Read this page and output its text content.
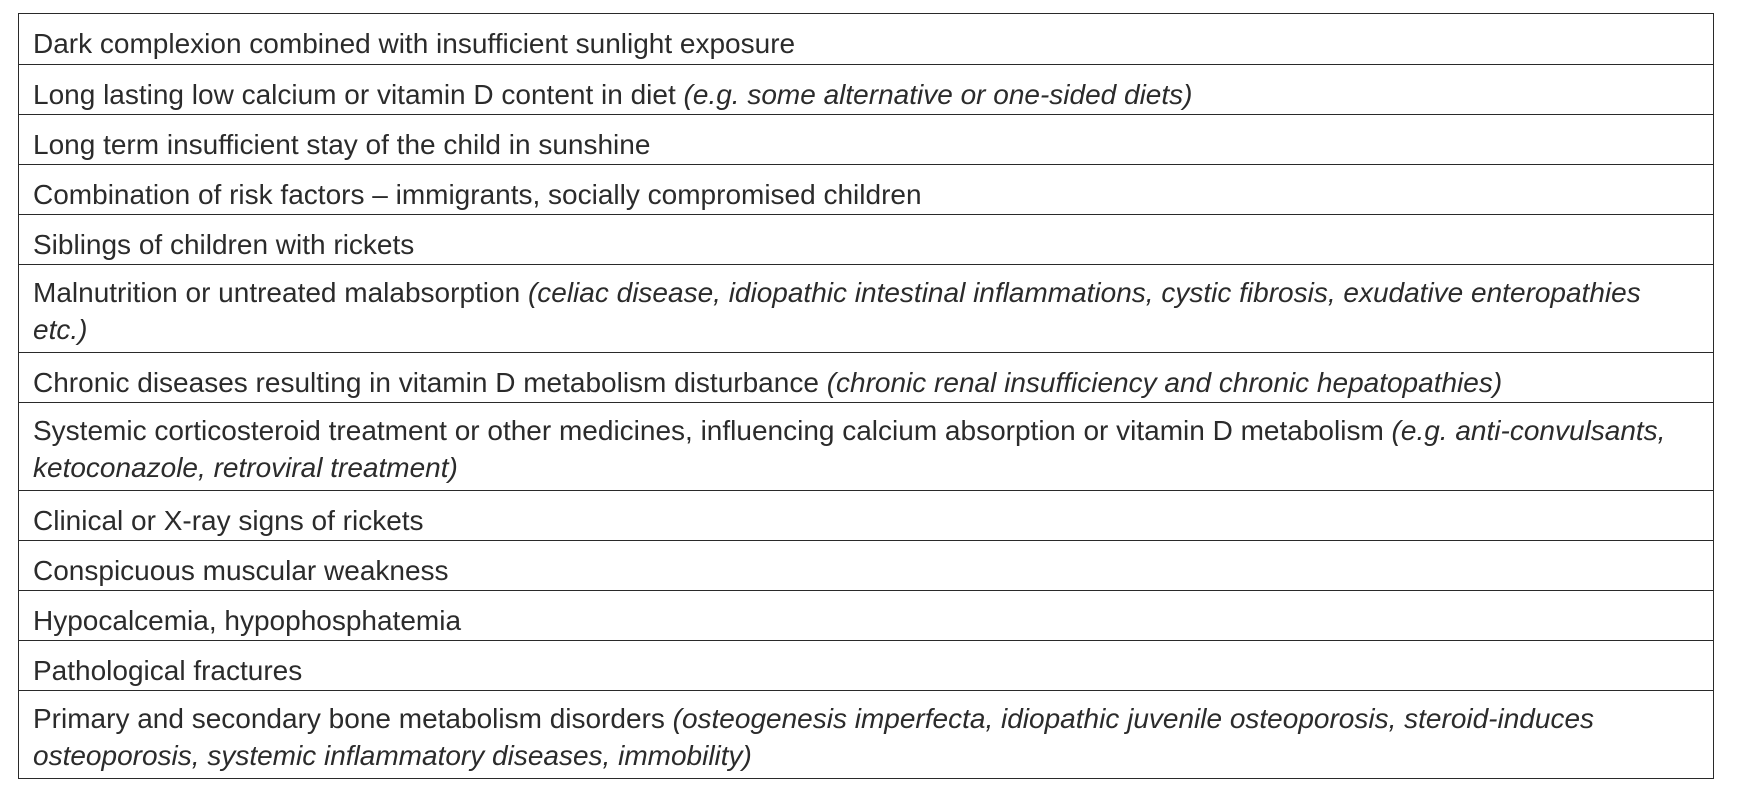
Dark complexion combined with insufficient sunlight exposure
Long lasting low calcium or vitamin D content in diet (e.g. some alternative or one-sided diets)
Long term insufficient stay of the child in sunshine
Combination of risk factors – immigrants, socially compromised children
Siblings of children with rickets
Malnutrition or untreated malabsorption (celiac disease, idiopathic intestinal inflammations, cystic fibrosis, exudative enteropathies etc.)
Chronic diseases resulting in vitamin D metabolism disturbance (chronic renal insufficiency and chronic hepatopathies)
Systemic corticosteroid treatment or other medicines, influencing calcium absorption or vitamin D metabolism (e.g. anti-convulsants, ketoconazole, retroviral treatment)
Clinical or X-ray signs of rickets
Conspicuous muscular weakness
Hypocalcemia, hypophosphatemia
Pathological fractures
Primary and secondary bone metabolism disorders (osteogenesis imperfecta, idiopathic juvenile osteoporosis, steroid-induces osteoporosis, systemic inflammatory diseases, immobility)
